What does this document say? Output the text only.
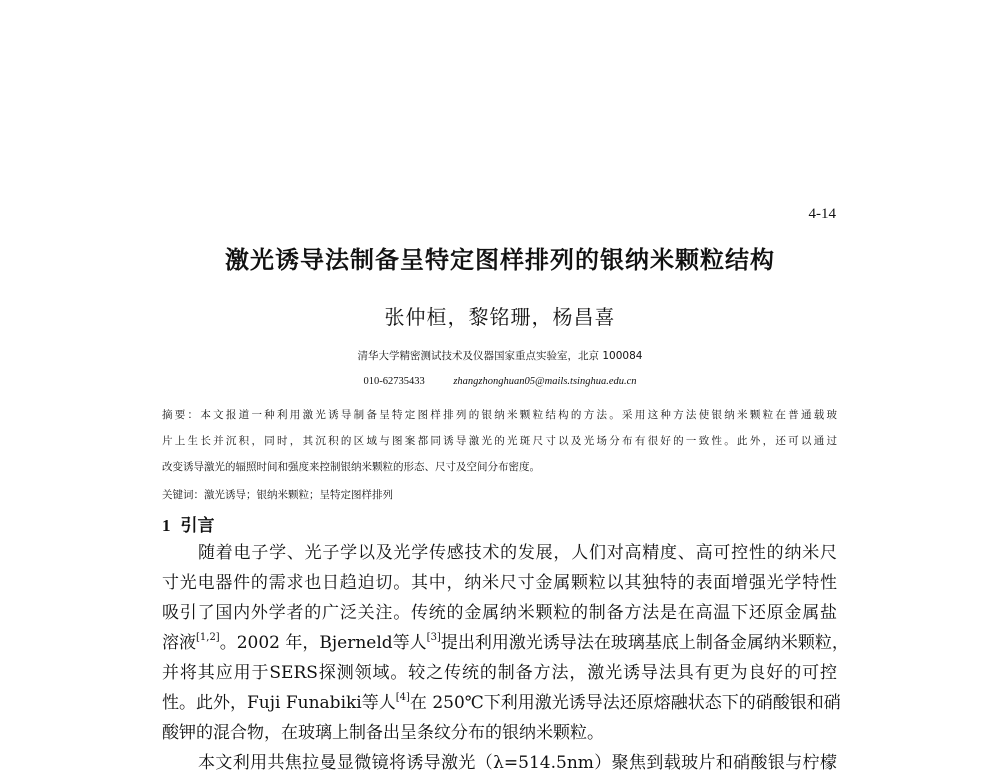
4-14
激光诱导法制备呈特定图样排列的银纳米颗粒结构
张仲桓，黎铭珊，杨昌喜
清华大学精密测试技术及仪器国家重点实验室，北京 100084
010-62735433	zhangzhonghuan05@mails.tsinghua.edu.cn
摘要：本文报道一种利用激光诱导制备呈特定图样排列的银纳米颗粒结构的方法。采用这种方法使银纳米颗粒在普通载玻
片上生长并沉积，同时，其沉积的区域与图案都同诱导激光的光斑尺寸以及光场分布有很好的一致性。此外，还可以通过
改变诱导激光的辐照时间和强度来控制银纳米颗粒的形态、尺寸及空间分布密度。
关键词：激光诱导；银纳米颗粒；呈特定图样排列
1 引言
随着电子学、光子学以及光学传感技术的发展，人们对高精度、高可控性的纳米尺
寸光电器件的需求也日趋迫切。其中，纳米尺寸金属颗粒以其独特的表面增强光学特性
吸引了国内外学者的广泛关注。传统的金属纳米颗粒的制备方法是在高温下还原金属盐
溶液[1,2]。2002 年，Bjerneld等人[3]提出利用激光诱导法在玻璃基底上制备金属纳米颗粒，
并将其应用于SERS探测领域。较之传统的制备方法，激光诱导法具有更为良好的可控
性。此外，Fuji Funabiki等人[4]在 250℃下利用激光诱导法还原熔融状态下的硝酸银和硝
酸钾的混合物，在玻璃上制备出呈条纹分布的银纳米颗粒。
本文利用共焦拉曼显微镜将诱导激光（λ=514.5nm）聚焦到载玻片和硝酸银与柠檬
